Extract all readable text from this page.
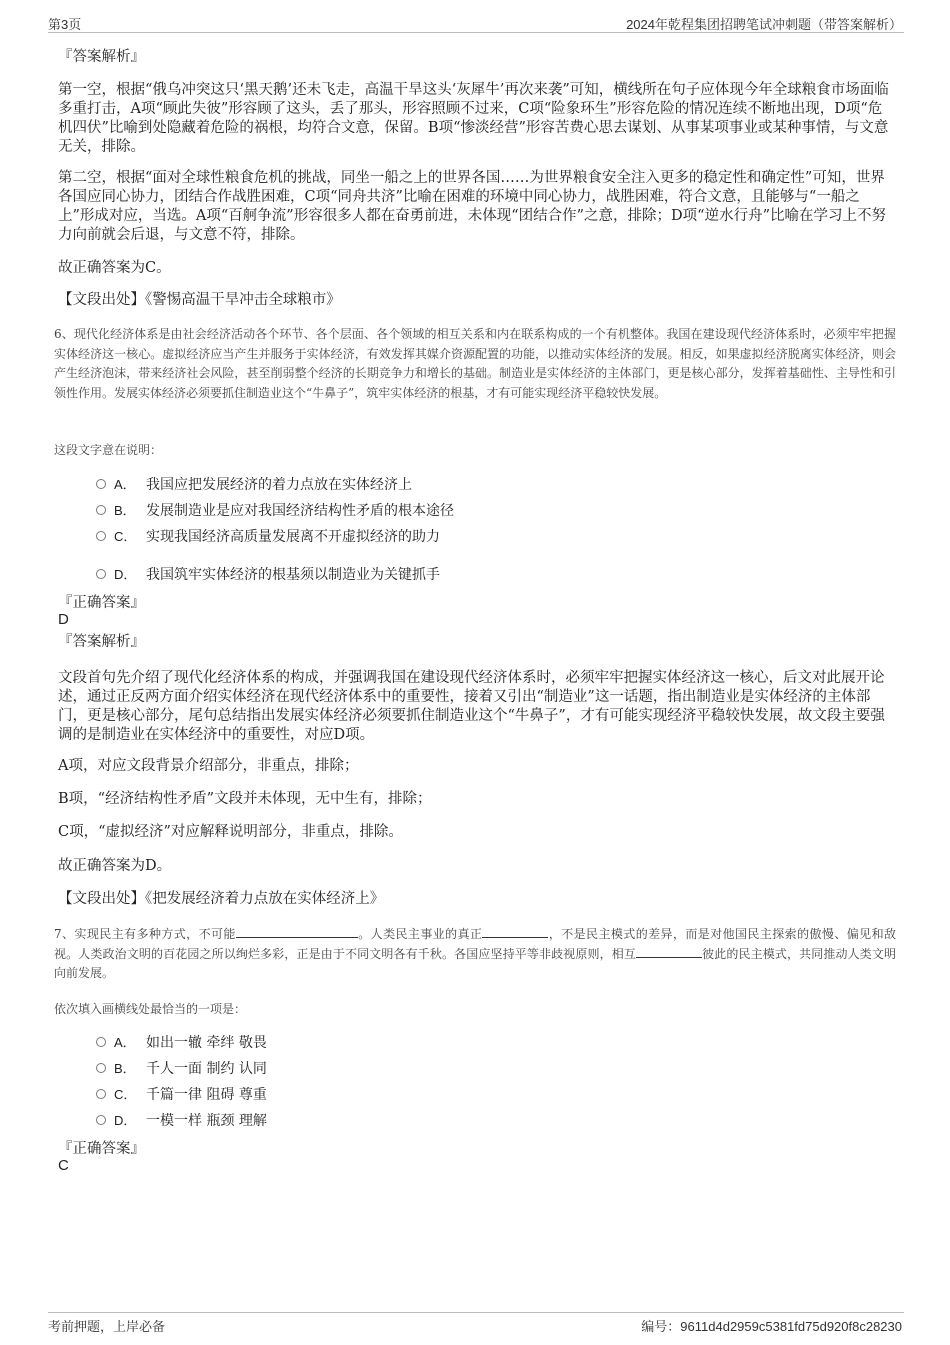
第3页	2024年乾程集团招聘笔试冲刺题（带答案解析）
『答案解析』
第一空，根据“俄乌冲突这只‘黑天鹅’还未飞走，高温干旱这头‘灰犀牛’再次来袭”可知，横线所在句子应体现今年全球粮食市场面临多重打击，A项“顾此失彼”形容顾了这头，丢了那头，形容照顾不过来，C项“险象环生”形容危险的情况连续不断地出现，D项“危机四伏”比喻到处隐藏着危险的祸根，均符合文意，保留。B项“惨淡经营”形容苦费心思去谋划、从事某项事业或某种事情，与文意无关，排除。
第二空，根据“面对全球性粮食危机的挑战，同坐一船之上的世界各国……为世界粮食安全注入更多的稳定性和确定性”可知，世界各国应同心协力，团结合作战胜困难，C项“同舟共济”比喻在困难的环境中同心协力，战胜困难，符合文意，且能够与“一船之上”形成对应，当选。A项“百舸争流”形容很多人都在奋勇前进，未体现“团结合作”之意，排除；D项“逆水行舟”比喻在学习上不努力向前就会后退，与文意不符，排除。
故正确答案为C。
【文段出处】《警惕高温干旱冲击全球粮市》
6、现代化经济体系是由社会经济活动各个环节、各个层面、各个领域的相互关系和内在联系构成的一个有机整体。我国在建设现代经济体系时，必须牢牢把握实体经济这一核心。虚拟经济应当产生并服务于实体经济，有效发挥其媒介资源配置的功能，以推动实体经济的发展。相反，如果虚拟经济脱离实体经济，则会产生经济泡沫，带来经济社会风险，甚至削弱整个经济的长期竞争力和增长的基础。制造业是实体经济的主体部门，更是核心部分，发挥着基础性、主导性和引领性作用。发展实体经济必须要抓住制造业这个“牛鼻子”，筑牢实体经济的根基，才有可能实现经济平稳较快发展。
这段文字意在说明：
A． 我国应把发展经济的着力点放在实体经济上
B． 发展制造业是应对我国经济结构性矛盾的根本途径
C． 实现我国经济高质量发展离不开虚拟经济的助力
D． 我国筑牢实体经济的根基须以制造业为关键抓手
『正确答案』
D
『答案解析』
文段首句先介绍了现代化经济体系的构成，并强调我国在建设现代经济体系时，必须牢牢把握实体经济这一核心，后文对此展开论述，通过正反两方面介绍实体经济在现代经济体系中的重要性，接着又引出“制造业”这一话题，指出制造业是实体经济的主体部门，更是核心部分，尾句总结指出发展实体经济必须要抓住制造业这个“牛鼻子”，才有可能实现经济平稳较快发展，故文段主要强调的是制造业在实体经济中的重要性，对应D项。
A项，对应文段背景介绍部分，非重点，排除；
B项，“经济结构性矛盾”文段并未体现，无中生有，排除；
C项，“虚拟经济”对应解释说明部分，非重点，排除。
故正确答案为D。
【文段出处】《把发展经济着力点放在实体经济上》
7、实现民主有多种方式，不可能	。人类民主事业的真正	，不是民主模式的差异，而是对他国民主探索的傲慢、偏见和敌视。人类政治文明的百花园之所以绚烂多彩，正是由于不同文明各有千秋。各国应坚持平等非歧视原则，相互	彼此的民主模式，共同推动人类文明向前发展。
依次填入画横线处最恰当的一项是：
A． 如出一辙 牵绊 敬畏
B． 千人一面 制约 认同
C． 千篇一律 阻碍 尊重
D． 一模一样 瓶颈 理解
『正确答案』
C
考前押题，上岸必备	编号：9611d4d2959c5381fd75d920f8c28230
